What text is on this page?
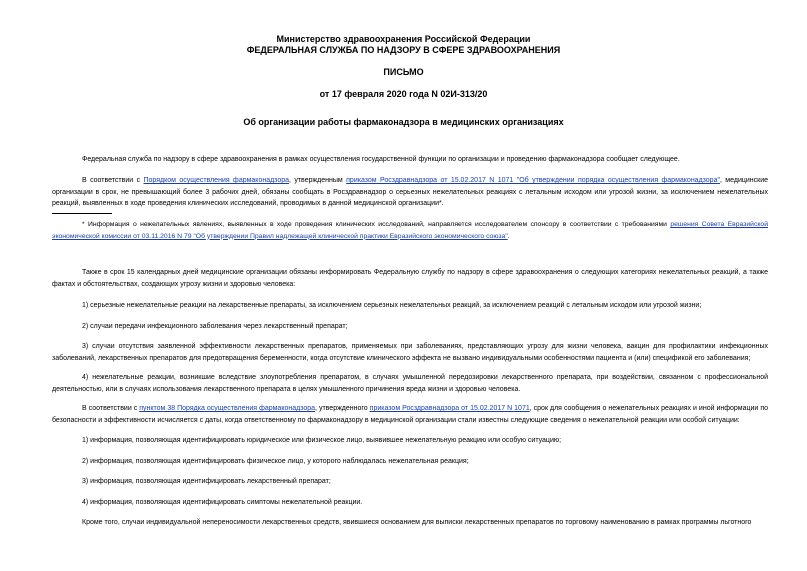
Министерство здравоохранения Российской Федерации
ФЕДЕРАЛЬНАЯ СЛУЖБА ПО НАДЗОРУ В СФЕРЕ ЗДРАВООХРАНЕНИЯ
ПИСЬМО
от 17 февраля 2020 года N 02И-313/20
Об организации работы фармаконадзора в медицинских организациях

Федеральная служба по надзору в сфере здравоохранения в рамках осуществления государственной функции по организации и проведению фармаконадзора сообщает следующее.

В соответствии с Порядком осуществления фармаконадзора, утвержденным приказом Росздравнадзора от 15.02.2017 N 1071 "Об утверждении порядка осуществления фармаконадзора", медицинские организации в срок, не превышающий более 3 рабочих дней, обязаны сообщать в Росздравнадзор о серьезных нежелательных реакциях с летальным исходом или угрозой жизни, за исключением нежелательных реакций, выявленных в ходе проведения клинических исследований, проводимых в данной медицинской организации*.

* Информация о нежелательных явлениях, выявленных в ходе проведения клинических исследований, направляется исследователем спонсору в соответствии с требованиями решения Совета Евразийской экономической комиссии от 03.11.2016 N 79 "Об утверждении Правил надлежащей клинической практики Евразийского экономического союза".

Также в срок 15 календарных дней медицинские организации обязаны информировать Федеральную службу по надзору в сфере здравоохранения о следующих категориях нежелательных реакций, а также фактах и обстоятельствах, создающих угрозу жизни и здоровью человека:

1) серьезные нежелательные реакции на лекарственные препараты, за исключением серьезных нежелательных реакций, за исключением реакций с летальным исходом или угрозой жизни;

2) случаи передачи инфекционного заболевания через лекарственный препарат;

3) случаи отсутствия заявленной эффективности лекарственных препаратов, применяемых при заболеваниях, представляющих угрозу для жизни человека, вакцин для профилактики инфекционных заболеваний, лекарственных препаратов для предотвращения беременности, когда отсутствие клинического эффекта не вызвано индивидуальными особенностями пациента и (или) спецификой его заболевания;

4) нежелательные реакции, возникшие вследствие злоупотребления препаратом, в случаях умышленной передозировки лекарственного препарата, при воздействии, связанном с профессиональной деятельностью, или в случаях использования лекарственного препарата в целях умышленного причинения вреда жизни и здоровью человека.

В соответствии с пунктом 38 Порядка осуществления фармаконадзора, утвержденного приказом Росздравнадзора от 15.02.2017 N 1071, срок для сообщения о нежелательных реакциях и иной информации по безопасности и эффективности исчисляется с даты, когда ответственному по фармаконадзору в медицинской организации стали известны следующие сведения о нежелательной реакции или особой ситуации:

1) информация, позволяющая идентифицировать юридическое или физическое лицо, выявившее нежелательную реакцию или особую ситуацию;

2) информация, позволяющая идентифицировать физическое лицо, у которого наблюдалась нежелательная реакция;

3) информация, позволяющая идентифицировать лекарственный препарат;

4) информация, позволяющая идентифицировать симптомы нежелательной реакции.

Кроме того, случаи индивидуальной непереносимости лекарственных средств, явившиеся основанием для выписки лекарственных препаратов по торговому наименованию в рамках программы льготного
